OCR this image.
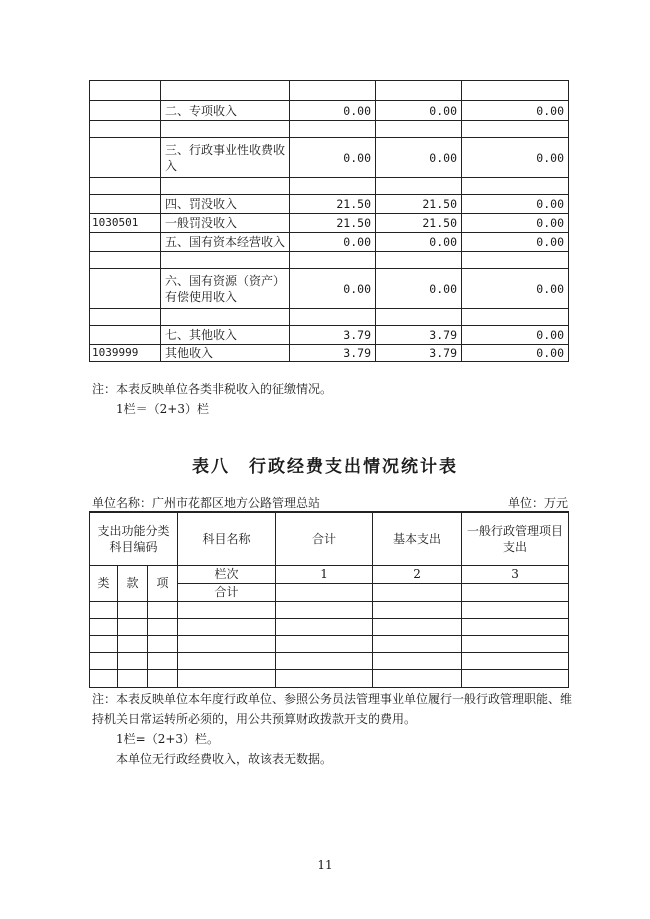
	二、专项收入	0.00	0.00	0.00

	三、行政事业性收费收入	0.00	0.00	0.00

	四、罚没收入	21.50	21.50	0.00
1030501	一般罚没收入	21.50	21.50	0.00
	五、国有资本经营收入	0.00	0.00	0.00

	六、国有资源（资产）有偿使用收入	0.00	0.00	0.00

	七、其他收入	3.79	3.79	0.00
1039999	其他收入	3.79	3.79	0.00
注：本表反映单位各类非税收入的征缴情况。
1栏＝（2+3）栏
表八　行政经费支出情况统计表
单位名称：广州市花都区地方公路管理总站	单位：万元
支出功能分类科目编码			科目名称	合计	基本支出	一般行政管理项目支出
类	款	项	栏次	1	2	3
			合计			

注：本表反映单位本年度行政单位、参照公务员法管理事业单位履行一般行政管理职能、维持机关日常运转所必须的，用公共预算财政拨款开支的费用。
1栏=（2+3）栏。
本单位无行政经费收入，故该表无数据。
11
